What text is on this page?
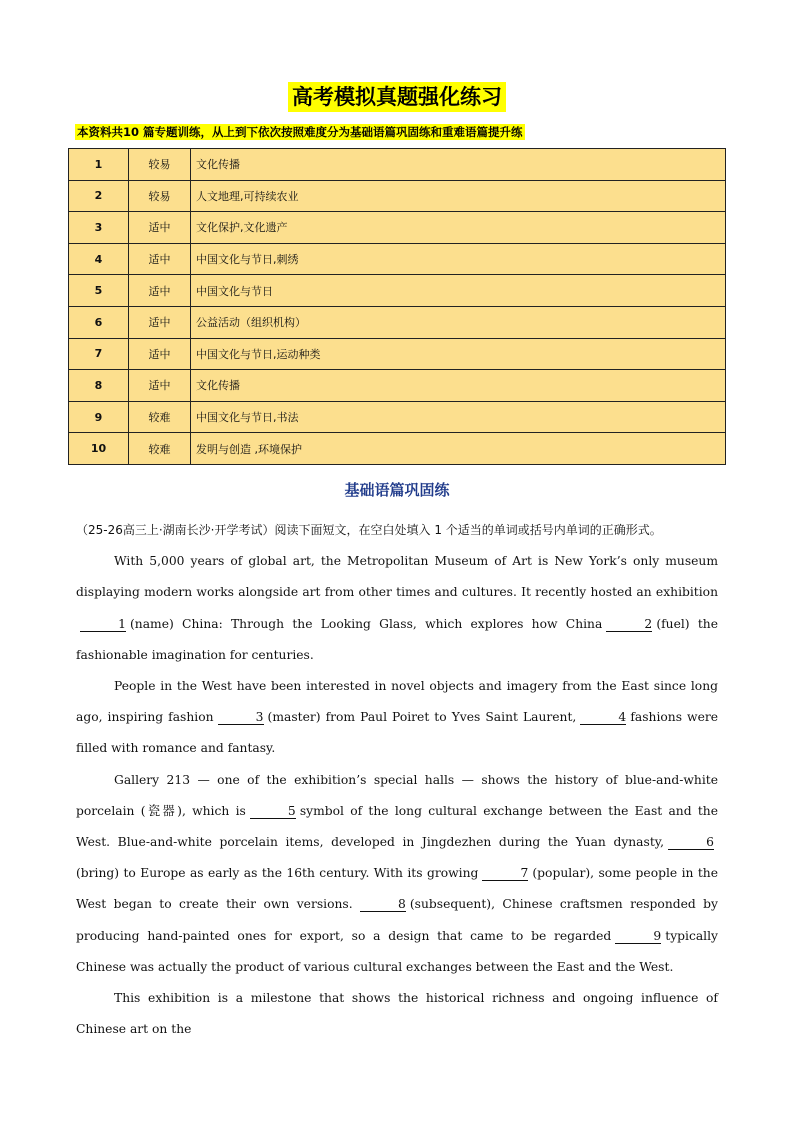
高考模拟真题强化练习
本资料共10 篇专题训练，从上到下依次按照难度分为基础语篇巩固练和重难语篇提升练
1	较易	文化传播
2	较易	人文地理,可持续农业
3	适中	文化保护,文化遗产
4	适中	中国文化与节日,刺绣
5	适中	中国文化与节日
6	适中	公益活动（组织机构）
7	适中	中国文化与节日,运动种类
8	适中	文化传播
9	较难	中国文化与节日,书法
10	较难	发明与创造 ,环境保护
基础语篇巩固练

（25-26高三上·湖南长沙·开学考试）阅读下面短文，在空白处填入 1 个适当的单词或括号内单词的正确形式。

With 5,000 years of global art, the Metropolitan Museum of Art is New York’s only museum displaying modern works alongside art from other times and cultures. It recently hosted an exhibition1 (name) China: Through the Looking Glass, which explores how China	2 (fuel) the fashionable imagination for centuries.

People in the West have been interested in novel objects and imagery from the East since long ago, inspiring fashion	3 (master) from Paul Poiret to Yves Saint Laurent,	4 fashions were filled with romance and fantasy.

Gallery 213 — one of the exhibition’s special halls — shows the history of blue-and-white porcelain (瓷器), which is	5 symbol of the long cultural exchange between the East and the West. Blue-and-white porcelain items, developed in Jingdezhen during the Yuan dynasty,	6(bring) to Europe as early as the 16th century. With its growing	7 (popular), some people in the West began to create their own versions.	8 (subsequent), Chinese craftsmen responded by producing hand-painted ones for export, so a design that came to be regarded	9 typically Chinese was actually the product of various cultural exchanges between the East and the West.

This exhibition is a milestone that shows the historical richness and ongoing influence of Chinese art on the
